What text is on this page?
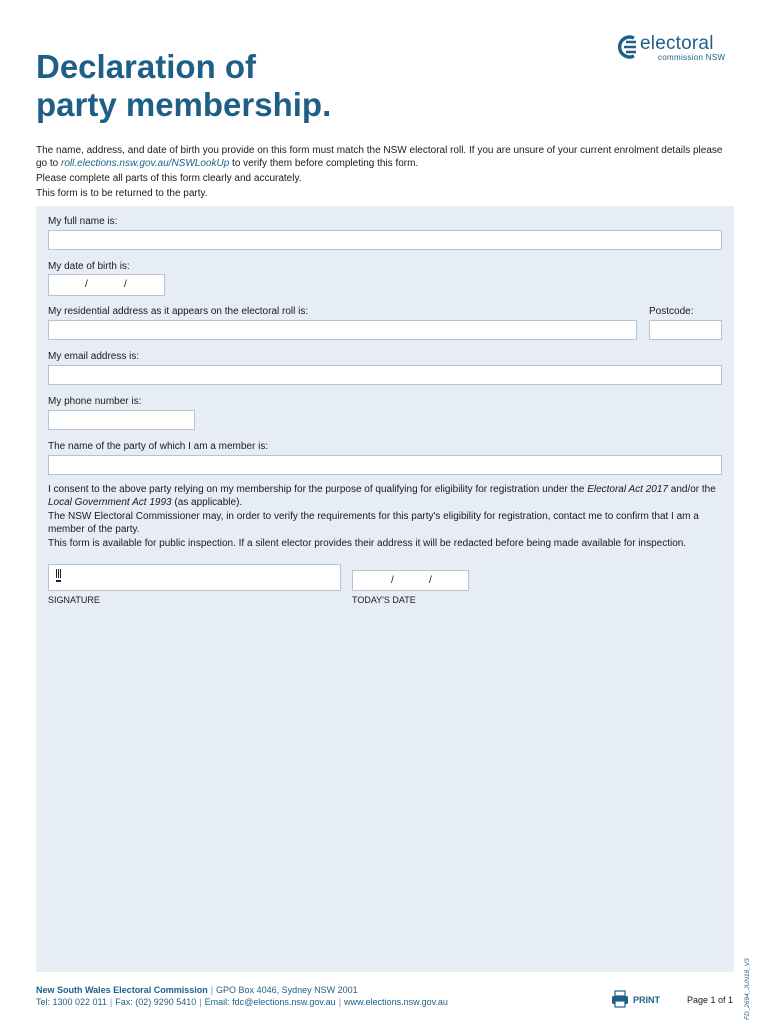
Declaration of
party membership.
electoral
commission NSW

The name, address, and date of birth you provide on this form must match the NSW electoral roll. If you are unsure of your current enrolment details please go to roll.elections.nsw.gov.au/NSWLookUp to verify them before completing this form.

Please complete all parts of this form clearly and accurately.

This form is to be returned to the party.

My full name is:
My date of birth is:
/	/
My residential address as it appears on the electoral roll is:	Postcode:
My email address is:
My phone number is:
The name of the party of which I am a member is:

I consent to the above party relying on my membership for the purpose of qualifying for eligibility for registration under the Electoral Act 2017 and/or the Local Government Act 1993 (as applicable).

The NSW Electoral Commissioner may, in order to verify the requirements for this party's eligibility for registration, contact me to confirm that I am a member of the party.

This form is available for public inspection. If a silent elector provides their address it will be redacted before being made available for inspection.

/	/
SIGNATURE	TODAY'S DATE
New South Wales Electoral Commission | GPO Box 4046, Sydney NSW 2001
Tel: 1300 022 011 | Fax: (02) 9290 5410 | Email: fdc@elections.nsw.gov.au | www.elections.nsw.gov.au	PRINT	Page 1 of 1 FD_2694_JUN18_V3
